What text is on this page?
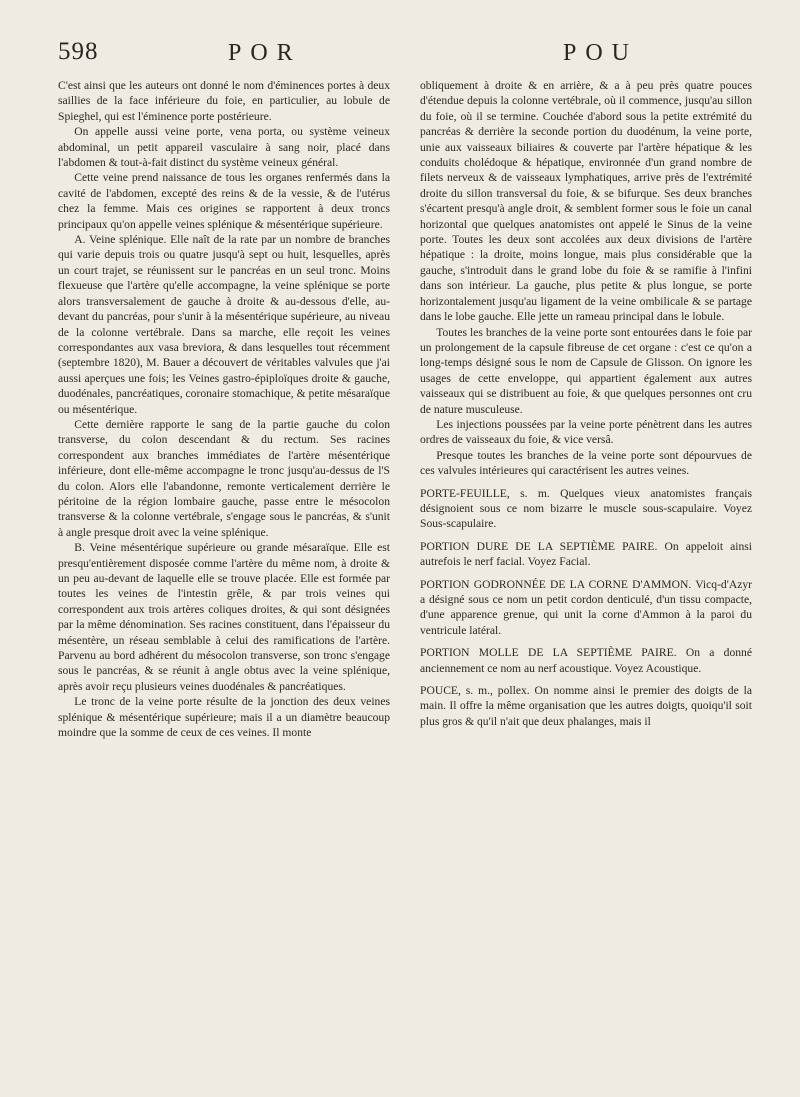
598	POR	POU

C'est ainsi que les auteurs ont donné le nom d'éminences portes à deux saillies de la face inférieure du foie, en particulier, au lobule de Spieghel, qui est l'éminence porte postérieure.

On appelle aussi veine porte, vena porta, ou système veineux abdominal, un petit appareil vasculaire à sang noir, placé dans l'abdomen & tout-à-fait distinct du système veineux général.

Cette veine prend naissance de tous les organes renfermés dans la cavité de l'abdomen, excepté des reins & de la vessie, & de l'utérus chez la femme. Mais ces origines se rapportent à deux troncs principaux qu'on appelle veines splénique & mésentérique supérieure.

A. Veine splénique. Elle naît de la rate par un nombre de branches qui varie depuis trois ou quatre jusqu'à sept ou huit, lesquelles, après un court trajet, se réunissent sur le pancréas en un seul tronc. Moins flexueuse que l'artère qu'elle accompagne, la veine splénique se porte alors transversalement de gauche à droite & au-dessous d'elle, au-devant du pancréas, pour s'unir à la mésentérique supérieure, au niveau de la colonne vertébrale. Dans sa marche, elle reçoit les veines correspondantes aux vasa breviora, & dans lesquelles tout récemment (septembre 1820), M. Bauer a découvert de véritables valvules que j'ai aussi aperçues une fois; les Veines gastro-épiploïques droite & gauche, duodénales, pancréatiques, coronaire stomachique, & petite mésaraïque ou mésentérique.

Cette dernière rapporte le sang de la partie gauche du colon transverse, du colon descendant & du rectum. Ses racines correspondent aux branches immédiates de l'artère mésentérique inférieure, dont elle-même accompagne le tronc jusqu'au-dessus de l'S du colon. Alors elle l'abandonne, remonte verticalement derrière le péritoine de la région lombaire gauche, passe entre le mésocolon transverse & la colonne vertébrale, s'engage sous le pancréas, & s'unit à angle presque droit avec la veine splénique.

B. Veine mésentérique supérieure ou grande mésaraïque. Elle est presqu'entièrement disposée comme l'artère du même nom, à droite & un peu au-devant de laquelle elle se trouve placée. Elle est formée par toutes les veines de l'intestin grêle, & par trois veines qui correspondent aux trois artères coliques droites, & qui sont désignées par la même dénomination. Ses racines constituent, dans l'épaisseur du mésentère, un réseau semblable à celui des ramifications de l'artère. Parvenu au bord adhérent du mésocolon transverse, son tronc s'engage sous le pancréas, & se réunit à angle obtus avec la veine splénique, après avoir reçu plusieurs veines duodénales & pancréatiques.

Le tronc de la veine porte résulte de la jonction des deux veines splénique & mésentérique supérieure; mais il a un diamètre beaucoup moindre que la somme de ceux de ces veines. Il monte

obliquement à droite & en arrière, & a à peu près quatre pouces d'étendue depuis la colonne vertébrale, où il commence, jusqu'au sillon du foie, où il se termine. Couchée d'abord sous la petite extrémité du pancréas & derrière la seconde portion du duodénum, la veine porte, unie aux vaisseaux biliaires & couverte par l'artère hépatique & les conduits cholédoque & hépatique, environnée d'un grand nombre de filets nerveux & de vaisseaux lymphatiques, arrive près de l'extrémité droite du sillon transversal du foie, & se bifurque. Ses deux branches s'écartent presqu'à angle droit, & semblent former sous le foie un canal horizontal que quelques anatomistes ont appelé le Sinus de la veine porte. Toutes les deux sont accolées aux deux divisions de l'artère hépatique : la droite, moins longue, mais plus considérable que la gauche, s'introduit dans le grand lobe du foie & se ramifie à l'infini dans son intérieur. La gauche, plus petite & plus longue, se porte horizontalement jusqu'au ligament de la veine ombilicale & se partage dans le lobe gauche. Elle jette un rameau principal dans le lobule.

Toutes les branches de la veine porte sont entourées dans le foie par un prolongement de la capsule fibreuse de cet organe : c'est ce qu'on a long-temps désigné sous le nom de Capsule de Glisson. On ignore les usages de cette enveloppe, qui appartient également aux autres vaisseaux qui se distribuent au foie, & que quelques personnes ont cru de nature musculeuse.

Les injections poussées par la veine porte pénètrent dans les autres ordres de vaisseaux du foie, & vice versâ.

Presque toutes les branches de la veine porte sont dépourvues de ces valvules intérieures qui caractérisent les autres veines.

PORTE-FEUILLE, s. m. Quelques vieux anatomistes français désignoient sous ce nom bizarre le muscle sous-scapulaire. Voyez Sous-scapulaire.

PORTION DURE DE LA SEPTIÈME PAIRE. On appeloit ainsi autrefois le nerf facial. Voyez Facial.

PORTION GODRONNÉE DE LA CORNE D'AMMON. Vicq-d'Azyr a désigné sous ce nom un petit cordon denticulé, d'un tissu compacte, d'une apparence grenue, qui unit la corne d'Ammon à la paroi du ventricule latéral.

PORTION MOLLE DE LA SEPTIÈME PAIRE. On a donné anciennement ce nom au nerf acoustique. Voyez Acoustique.

POUCE, s. m., pollex. On nomme ainsi le premier des doigts de la main. Il offre la même organisation que les autres doigts, quoiqu'il soit plus gros & qu'il n'ait que deux phalanges, mais il
